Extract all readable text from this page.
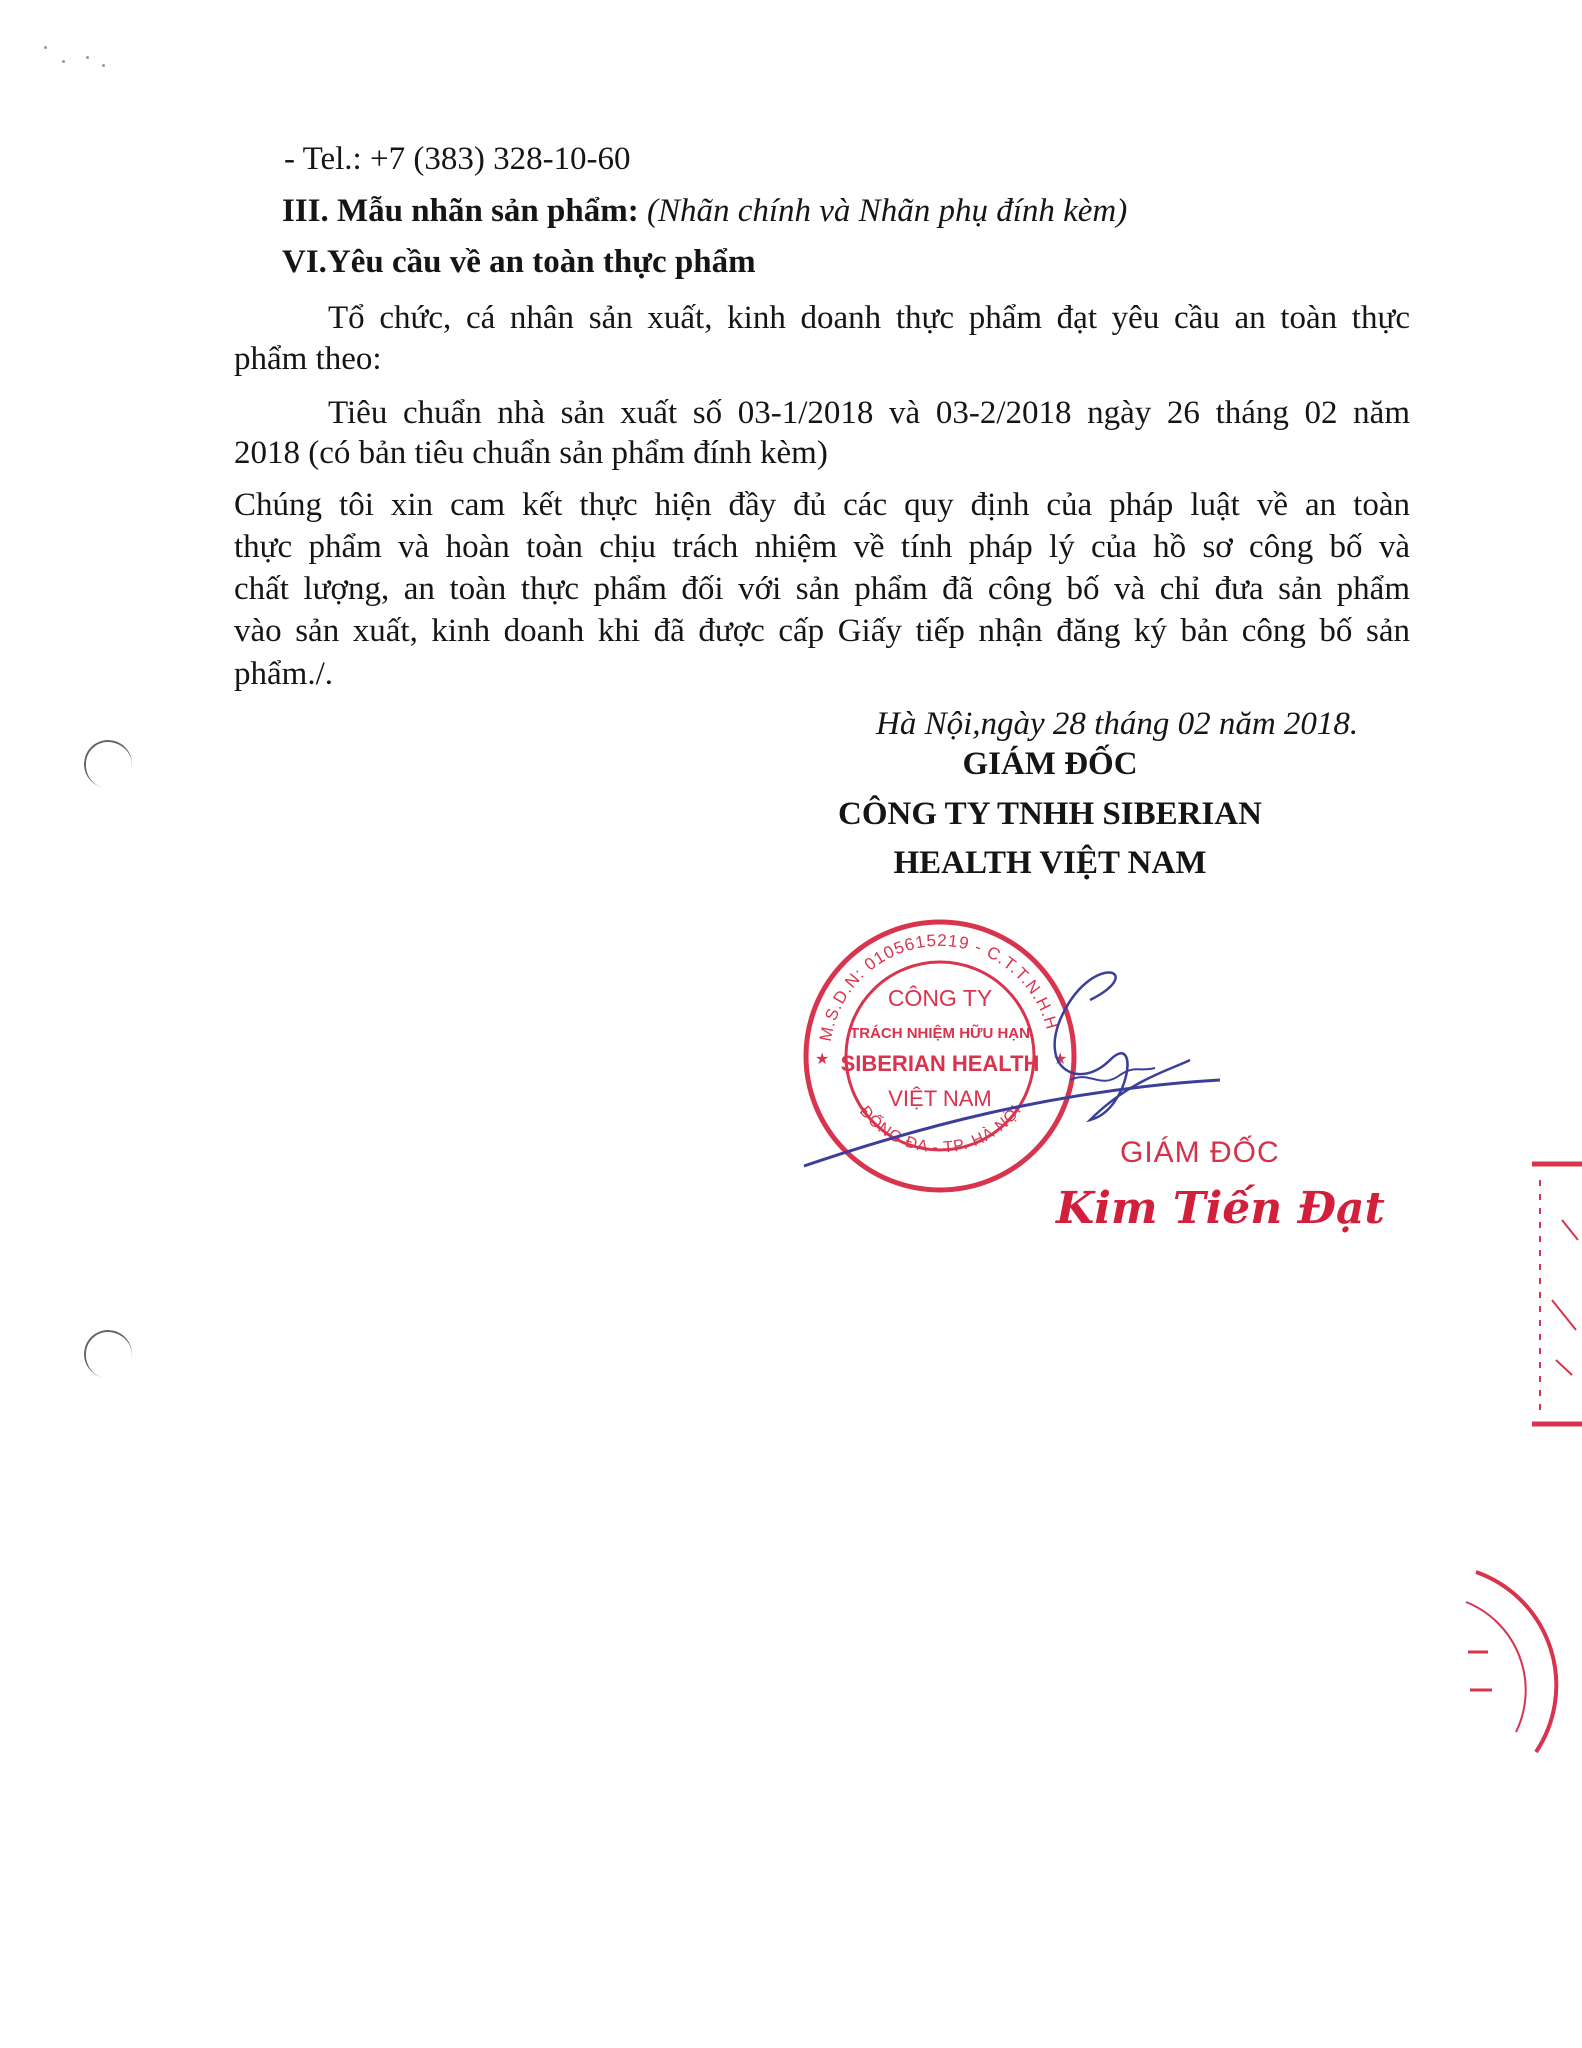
- Tel.: +7 (383) 328-10-60
III. Mẫu nhãn sản phẩm: (Nhãn chính và Nhãn phụ đính kèm)
VI.Yêu cầu về an toàn thực phẩm
Tổ chức, cá nhân sản xuất, kinh doanh thực phẩm đạt yêu cầu an toàn thực
phẩm theo:
Tiêu chuẩn nhà sản xuất số 03-1/2018 và 03-2/2018 ngày 26 tháng 02 năm
2018 (có bản tiêu chuẩn sản phẩm đính kèm)
Chúng tôi xin cam kết thực hiện đầy đủ các quy định của pháp luật về an toàn
thực phẩm và hoàn toàn chịu trách nhiệm về tính pháp lý của hồ sơ công bố và
chất lượng, an toàn thực phẩm đối với sản phẩm đã công bố và chỉ đưa sản phẩm
vào sản xuất, kinh doanh khi đã được cấp Giấy tiếp nhận đăng ký bản công bố sản
phẩm./.
Hà Nội,ngày 28 tháng 02 năm 2018.
GIÁM ĐỐC
CÔNG TY TNHH SIBERIAN
HEALTH VIỆT NAM
M.S.D.N: 0105615219 - C.T.T.N.H.H
ĐỐNG ĐA - TP. HÀ NỘI
★	★
CÔNG TY
TRÁCH NHIỆM HỮU HẠN
SIBERIAN HEALTH
VIỆT NAM
GIÁM ĐỐC
Kim Tiến Đạt
